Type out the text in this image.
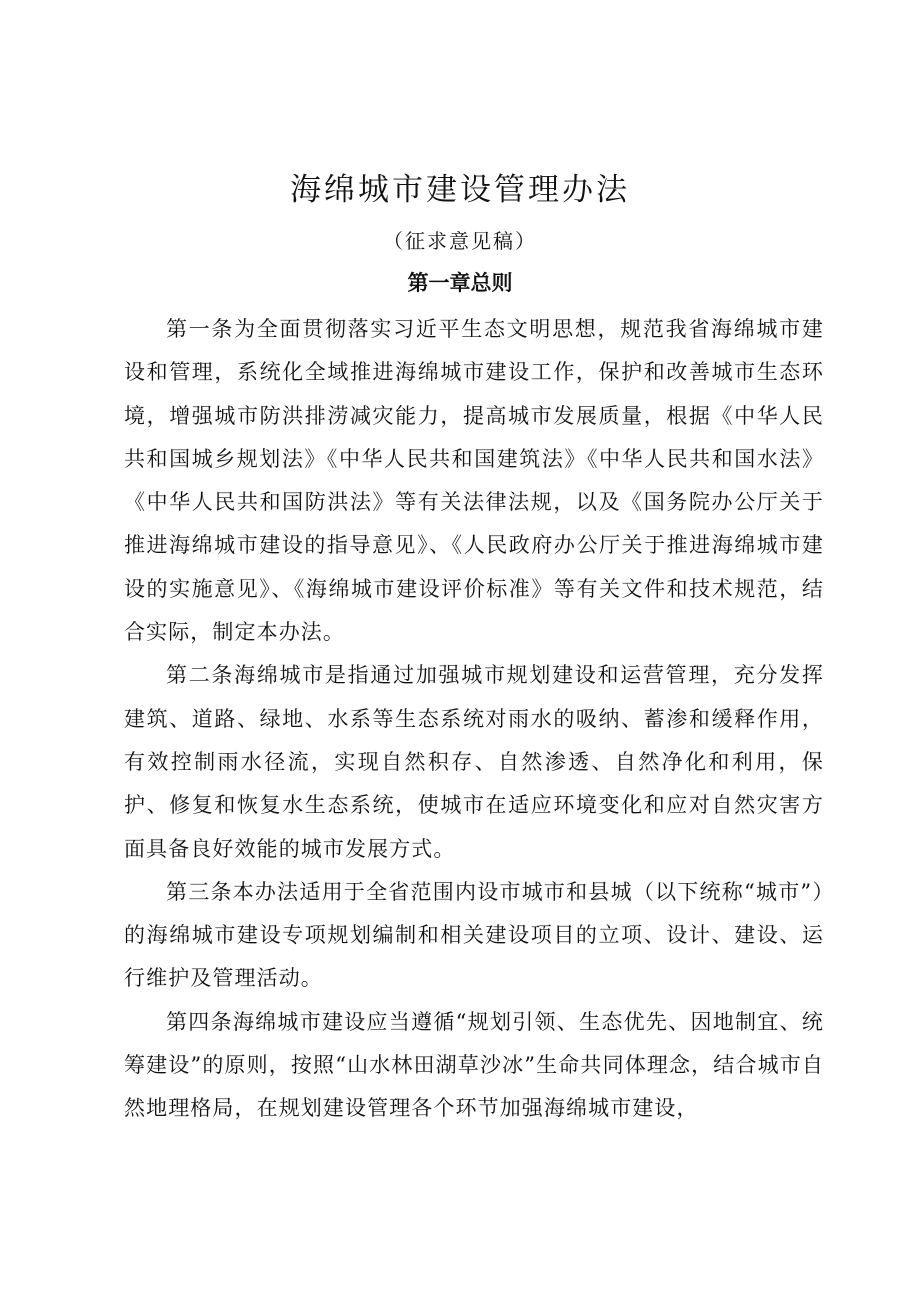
海绵城市建设管理办法
（征求意见稿）
第一章总则

第一条为全面贯彻落实习近平生态文明思想，规范我省海绵城市建设和管理，系统化全域推进海绵城市建设工作，保护和改善城市生态环境，增强城市防洪排涝减灾能力，提高城市发展质量，根据《中华人民共和国城乡规划法》《中华人民共和国建筑法》《中华人民共和国水法》《中华人民共和国防洪法》等有关法律法规，以及《国务院办公厅关于推进海绵城市建设的指导意见》、《人民政府办公厅关于推进海绵城市建设的实施意见》、《海绵城市建设评价标准》等有关文件和技术规范，结合实际，制定本办法。

第二条海绵城市是指通过加强城市规划建设和运营管理，充分发挥建筑、道路、绿地、水系等生态系统对雨水的吸纳、蓄渗和缓释作用，有效控制雨水径流，实现自然积存、自然渗透、自然净化和利用，保护、修复和恢复水生态系统，使城市在适应环境变化和应对自然灾害方面具备良好效能的城市发展方式。

第三条本办法适用于全省范围内设市城市和县城（以下统称“城市”）的海绵城市建设专项规划编制和相关建设项目的立项、设计、建设、运行维护及管理活动。

第四条海绵城市建设应当遵循“规划引领、生态优先、因地制宜、统筹建设”的原则，按照“山水林田湖草沙冰”生命共同体理念，结合城市自然地理格局，在规划建设管理各个环节加强海绵城市建设，
